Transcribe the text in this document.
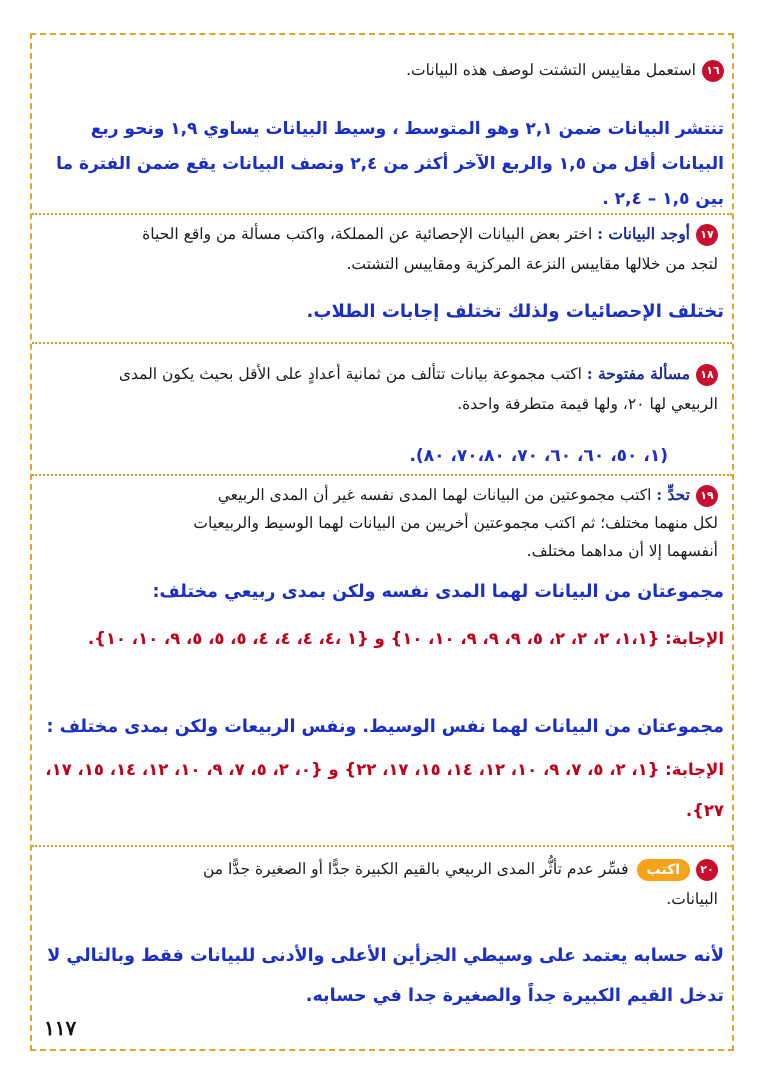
١٦استعمل مقاييس التشتت لوصف هذه البيانات.
تنتشر البيانات ضمن ٢,١ وهو المتوسط ، وسيط البيانات يساوي ١,٩ ونحو ربع البيانات أقل من ١,٥ والربع الآخر أكثر من ٢,٤ ونصف البيانات يقع ضمن الفترة ما بين ١,٥ – ٢,٤ .
١٧أوجد البيانات : اختر بعض البيانات الإحصائية عن المملكة، واكتب مسألة من واقع الحياة لتجد من خلالها مقاييس النزعة المركزية ومقاييس التشتت.
تختلف الإحصائيات ولذلك تختلف إجابات الطلاب.
١٨مسألة مفتوحة : اكتب مجموعة بيانات تتألف من ثمانية أعدادٍ على الأقل بحيث يكون المدى الربيعي لها ٢٠، ولها قيمة متطرفة واحدة.
(١، ٥٠، ٦٠، ٦٠، ٧٠، ٧٠،٨٠، ٨٠).
١٩تحدٍّ : اكتب مجموعتين من البيانات لهما المدى نفسه غير أن المدى الربيعي لكل منهما مختلف؛ ثم اكتب مجموعتين أخريين من البيانات لهما الوسيط والربيعيات أنفسهما إلا أن مداهما مختلف.
مجموعتان من البيانات لهما المدى نفسه ولكن بمدى ربيعي مختلف:
الإجابة: {١،١، ٢، ٢، ٢، ٥، ٩، ٩، ٩، ١٠، ١٠} و {١ ،٤، ٤، ٤، ٤، ٥، ٥، ٥، ٩، ١٠، ١٠}.
مجموعتان من البيانات لهما نفس الوسيط. ونفس الربيعات ولكن بمدى مختلف :
الإجابة: {١، ٢، ٥، ٧، ٩، ١٠، ١٢، ١٤، ١٥، ١٧، ٢٢} و {٠، ٢، ٥، ٧، ٩، ١٠، ١٢، ١٤، ١٥، ١٧، ٢٧}.
٢٠اكتبفسِّر عدم تأثُّر المدى الربيعي بالقيم الكبيرة جدًّا أو الصغيرة جدًّا من البيانات.
لأنه حسابه يعتمد على وسيطي الجزأين الأعلى والأدنى للبيانات فقط وبالتالي لا تدخل القيم الكبيرة جداً والصغيرة جدا في حسابه.
١١٧
